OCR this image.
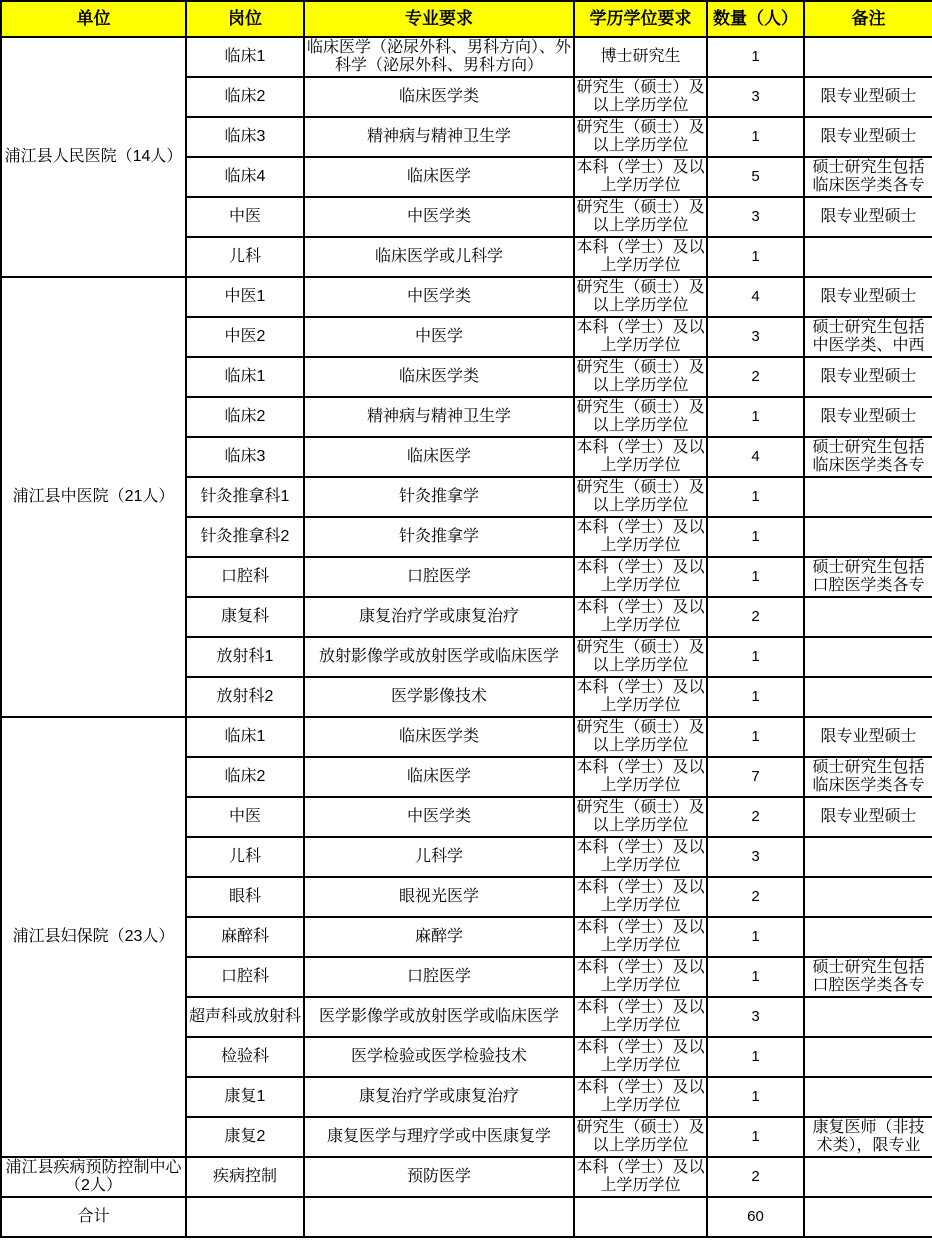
单位	岗位	专业要求	学历学位要求	数量（人）	备注
浦江县人民医院（14人）	临床1	临床医学（泌尿外科、男科方向）、外科学（泌尿外科、男科方向）	博士研究生	1	
	临床2	临床医学类	研究生（硕士）及以上学历学位	3	限专业型硕士
	临床3	精神病与精神卫生学	研究生（硕士）及以上学历学位	1	限专业型硕士
	临床4	临床医学	本科（学士）及以上学历学位	5	硕士研究生包括临床医学类各专
	中医	中医学类	研究生（硕士）及以上学历学位	3	限专业型硕士
	儿科	临床医学或儿科学	本科（学士）及以上学历学位	1	
浦江县中医院（21人）	中医1	中医学类	研究生（硕士）及以上学历学位	4	限专业型硕士
	中医2	中医学	本科（学士）及以上学历学位	3	硕士研究生包括中医学类、中西
	临床1	临床医学类	研究生（硕士）及以上学历学位	2	限专业型硕士
	临床2	精神病与精神卫生学	研究生（硕士）及以上学历学位	1	限专业型硕士
	临床3	临床医学	本科（学士）及以上学历学位	4	硕士研究生包括临床医学类各专
	针灸推拿科1	针灸推拿学	研究生（硕士）及以上学历学位	1	
	针灸推拿科2	针灸推拿学	本科（学士）及以上学历学位	1	
	口腔科	口腔医学	本科（学士）及以上学历学位	1	硕士研究生包括口腔医学类各专
	康复科	康复治疗学或康复治疗	本科（学士）及以上学历学位	2	
	放射科1	放射影像学或放射医学或临床医学	研究生（硕士）及以上学历学位	1	
	放射科2	医学影像技术	本科（学士）及以上学历学位	1	
浦江县妇保院（23人）	临床1	临床医学类	研究生（硕士）及以上学历学位	1	限专业型硕士
	临床2	临床医学	本科（学士）及以上学历学位	7	硕士研究生包括临床医学类各专
	中医	中医学类	研究生（硕士）及以上学历学位	2	限专业型硕士
	儿科	儿科学	本科（学士）及以上学历学位	3	
	眼科	眼视光医学	本科（学士）及以上学历学位	2	
	麻醉科	麻醉学	本科（学士）及以上学历学位	1	
	口腔科	口腔医学	本科（学士）及以上学历学位	1	硕士研究生包括口腔医学类各专
	超声科或放射科	医学影像学或放射医学或临床医学	本科（学士）及以上学历学位	3	
	检验科	医学检验或医学检验技术	本科（学士）及以上学历学位	1	
	康复1	康复治疗学或康复治疗	本科（学士）及以上学历学位	1	
	康复2	康复医学与理疗学或中医康复学	研究生（硕士）及以上学历学位	1	康复医师（非技术类），限专业
浦江县疾病预防控制中心（2人）	疾病控制	预防医学	本科（学士）及以上学历学位	2	
合计				60	
